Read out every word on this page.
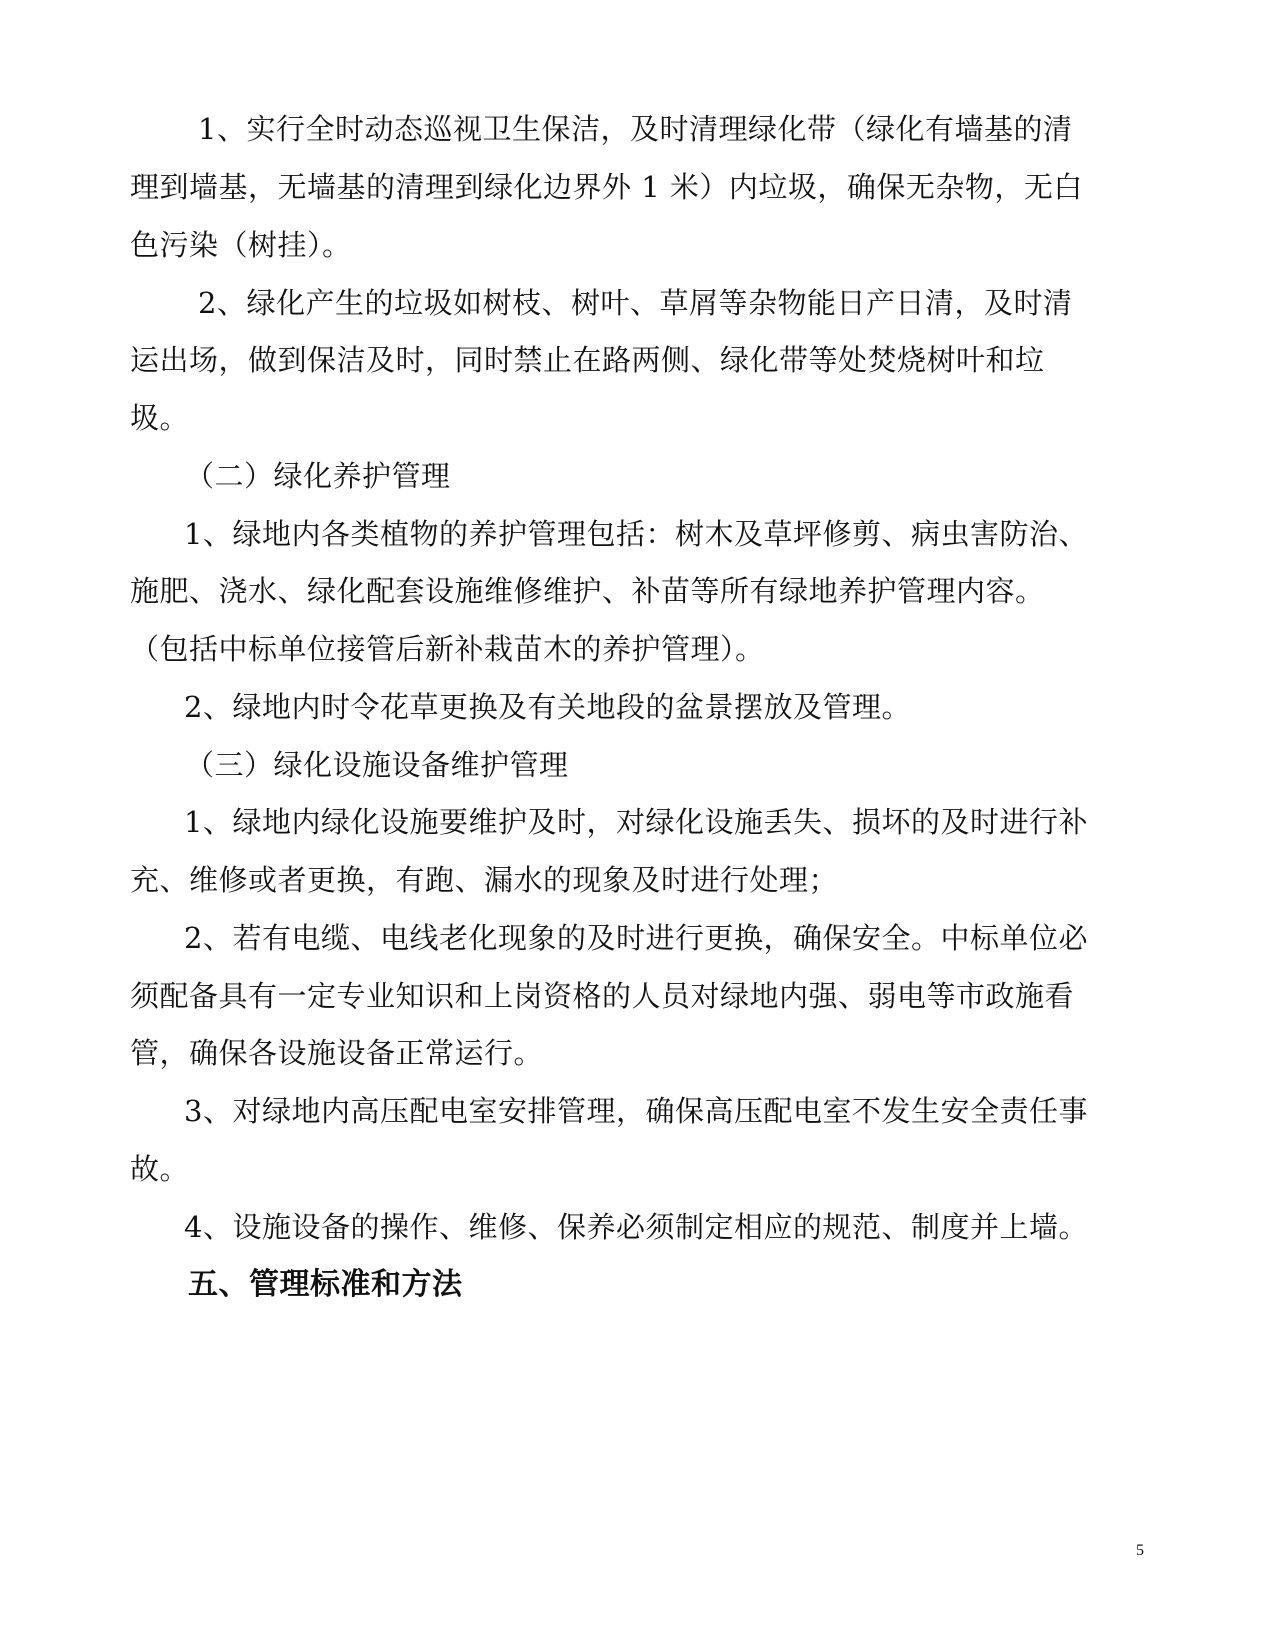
1、实行全时动态巡视卫生保洁，及时清理绿化带（绿化有墙基的清
理到墙基，无墙基的清理到绿化边界外 1 米）内垃圾，确保无杂物，无白
色污染（树挂）。
2、绿化产生的垃圾如树枝、树叶、草屑等杂物能日产日清，及时清
运出场，做到保洁及时，同时禁止在路两侧、绿化带等处焚烧树叶和垃
圾。
（二）绿化养护管理
1、绿地内各类植物的养护管理包括：树木及草坪修剪、病虫害防治、
施肥、浇水、绿化配套设施维修维护、补苗等所有绿地养护管理内容。
（包括中标单位接管后新补栽苗木的养护管理）。
2、绿地内时令花草更换及有关地段的盆景摆放及管理。
（三）绿化设施设备维护管理
1、绿地内绿化设施要维护及时，对绿化设施丢失、损坏的及时进行补
充、维修或者更换，有跑、漏水的现象及时进行处理；
2、若有电缆、电线老化现象的及时进行更换，确保安全。中标单位必
须配备具有一定专业知识和上岗资格的人员对绿地内强、弱电等市政施看
管，确保各设施设备正常运行。
3、对绿地内高压配电室安排管理，确保高压配电室不发生安全责任事
故。
4、设施设备的操作、维修、保养必须制定相应的规范、制度并上墙。
五、管理标准和方法
5
